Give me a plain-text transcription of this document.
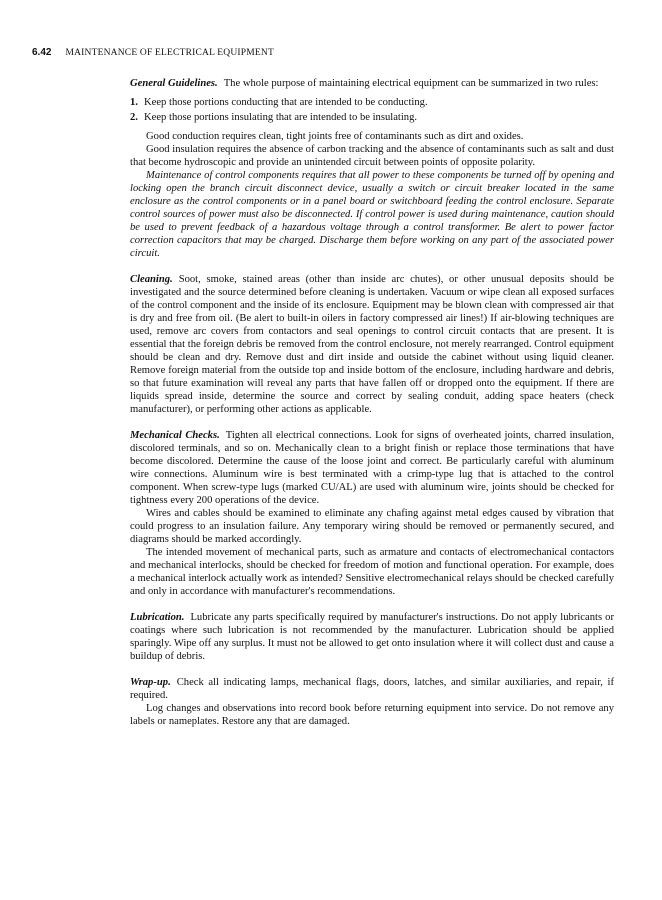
6.42 MAINTENANCE OF ELECTRICAL EQUIPMENT

General Guidelines. The whole purpose of maintaining electrical equipment can be summarized in two rules:

1. Keep those portions conducting that are intended to be conducting.
2. Keep those portions insulating that are intended to be insulating.

Good conduction requires clean, tight joints free of contaminants such as dirt and oxides.

Good insulation requires the absence of carbon tracking and the absence of contaminants such as salt and dust that become hydroscopic and provide an unintended circuit between points of opposite polarity.

Maintenance of control components requires that all power to these components be turned off by opening and locking open the branch circuit disconnect device, usually a switch or circuit breaker located in the same enclosure as the control components or in a panel board or switchboard feeding the control enclosure. Separate control sources of power must also be disconnected. If control power is used during maintenance, caution should be used to prevent feedback of a hazardous voltage through a control transformer. Be alert to power factor correction capacitors that may be charged. Discharge them before working on any part of the associated power circuit.

Cleaning. Soot, smoke, stained areas (other than inside arc chutes), or other unusual deposits should be investigated and the source determined before cleaning is undertaken. Vacuum or wipe clean all exposed surfaces of the control component and the inside of its enclosure. Equipment may be blown clean with compressed air that is dry and free from oil. (Be alert to built-in oilers in factory compressed air lines!) If air-blowing techniques are used, remove arc covers from contactors and seal openings to control circuit contacts that are present. It is essential that the foreign debris be removed from the control enclosure, not merely rearranged. Control equipment should be clean and dry. Remove dust and dirt inside and outside the cabinet without using liquid cleaner. Remove foreign material from the outside top and inside bottom of the enclosure, including hardware and debris, so that future examination will reveal any parts that have fallen off or dropped onto the equipment. If there are liquids spread inside, determine the source and correct by sealing conduit, adding space heaters (check manufacturer), or performing other actions as applicable.

Mechanical Checks. Tighten all electrical connections. Look for signs of overheated joints, charred insulation, discolored terminals, and so on. Mechanically clean to a bright finish or replace those terminations that have become discolored. Determine the cause of the loose joint and correct. Be particularly careful with aluminum wire connections. Aluminum wire is best terminated with a crimp-type lug that is attached to the control component. When screw-type lugs (marked CU/AL) are used with aluminum wire, joints should be checked for tightness every 200 operations of the device.

Wires and cables should be examined to eliminate any chafing against metal edges caused by vibration that could progress to an insulation failure. Any temporary wiring should be removed or permanently secured, and diagrams should be marked accordingly.

The intended movement of mechanical parts, such as armature and contacts of electromechanical contactors and mechanical interlocks, should be checked for freedom of motion and functional operation. For example, does a mechanical interlock actually work as intended? Sensitive electromechanical relays should be checked carefully and only in accordance with manufacturer's recommendations.

Lubrication. Lubricate any parts specifically required by manufacturer's instructions. Do not apply lubricants or coatings where such lubrication is not recommended by the manufacturer. Lubrication should be applied sparingly. Wipe off any surplus. It must not be allowed to get onto insulation where it will collect dust and cause a buildup of debris.

Wrap-up. Check all indicating lamps, mechanical flags, doors, latches, and similar auxiliaries, and repair, if required.

Log changes and observations into record book before returning equipment into service. Do not remove any labels or nameplates. Restore any that are damaged.
